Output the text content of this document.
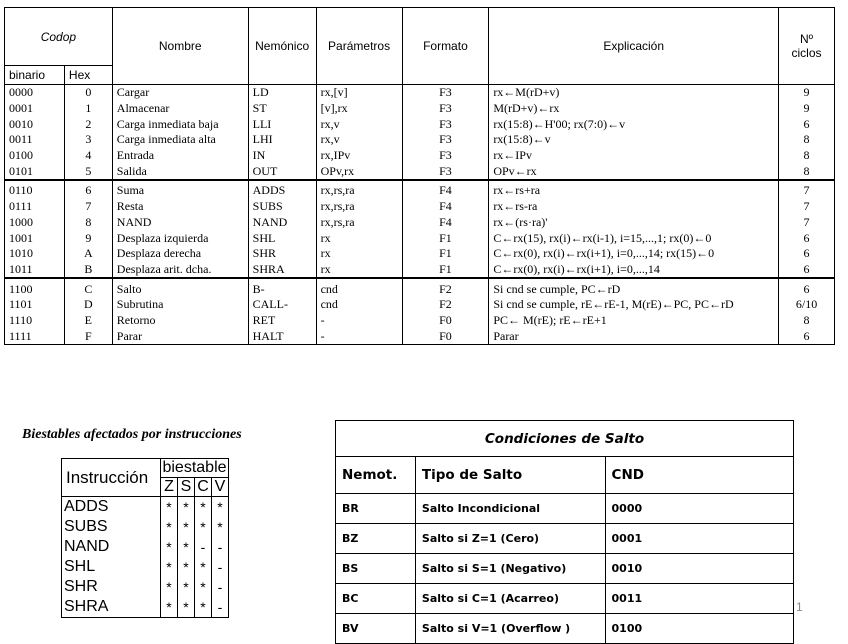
Codop		Nombre	Nemónico	Parámetros	Formato	Explicación	Nº
ciclos
binario	Hex						
0000	0	Cargar	LD	rx,[v]	F3	rx←M(rD+v)	9
0001	1	Almacenar	ST	[v],rx	F3	M(rD+v)←rx	9
0010	2	Carga inmediata baja	LLI	rx,v	F3	rx(15:8)←H'00; rx(7:0)←v	6
0011	3	Carga inmediata alta	LHI	rx,v	F3	rx(15:8)←v	8
0100	4	Entrada	IN	rx,IPv	F3	rx←IPv	8
0101	5	Salida	OUT	OPv,rx	F3	OPv←rx	8
0110	6	Suma	ADDS	rx,rs,ra	F4	rx←rs+ra	7
0111	7	Resta	SUBS	rx,rs,ra	F4	rx←rs-ra	7
1000	8	NAND	NAND	rx,rs,ra	F4	rx←(rs·ra)'	7
1001	9	Desplaza izquierda	SHL	rx	F1	C←rx(15), rx(i)←rx(i-1), i=15,...,1; rx(0)←0	6
1010	A	Desplaza derecha	SHR	rx	F1	C←rx(0), rx(i)←rx(i+1), i=0,...,14; rx(15)←0	6
1011	B	Desplaza arit. dcha.	SHRA	rx	F1	C←rx(0), rx(i)←rx(i+1), i=0,...,14	6
1100	C	Salto	B-	cnd	F2	Si cnd se cumple, PC←rD	6
1101	D	Subrutina	CALL-	cnd	F2	Si cnd se cumple, rE←rE-1, M(rE)←PC, PC←rD	6/10
1110	E	Retorno	RET	-	F0	PC← M(rE); rE←rE+1	8
1111	F	Parar	HALT	-	F0	Parar	6
Biestables afectados por instrucciones
Instrucción	biestable			
	Z	S	C	V
ADDS	*	*	*	*
SUBS	*	*	*	*
NAND	*	*	-	-
SHL	*	*	*	-
SHR	*	*	*	-
SHRA	*	*	*	-
Condiciones de Salto		
Nemot.	Tipo de Salto	CND
BR	Salto Incondicional	0000
BZ	Salto si Z=1 (Cero)	0001
BS	Salto si S=1 (Negativo)	0010
BC	Salto si C=1 (Acarreo)	0011
BV	Salto si V=1 (Overflow )	0100
1
